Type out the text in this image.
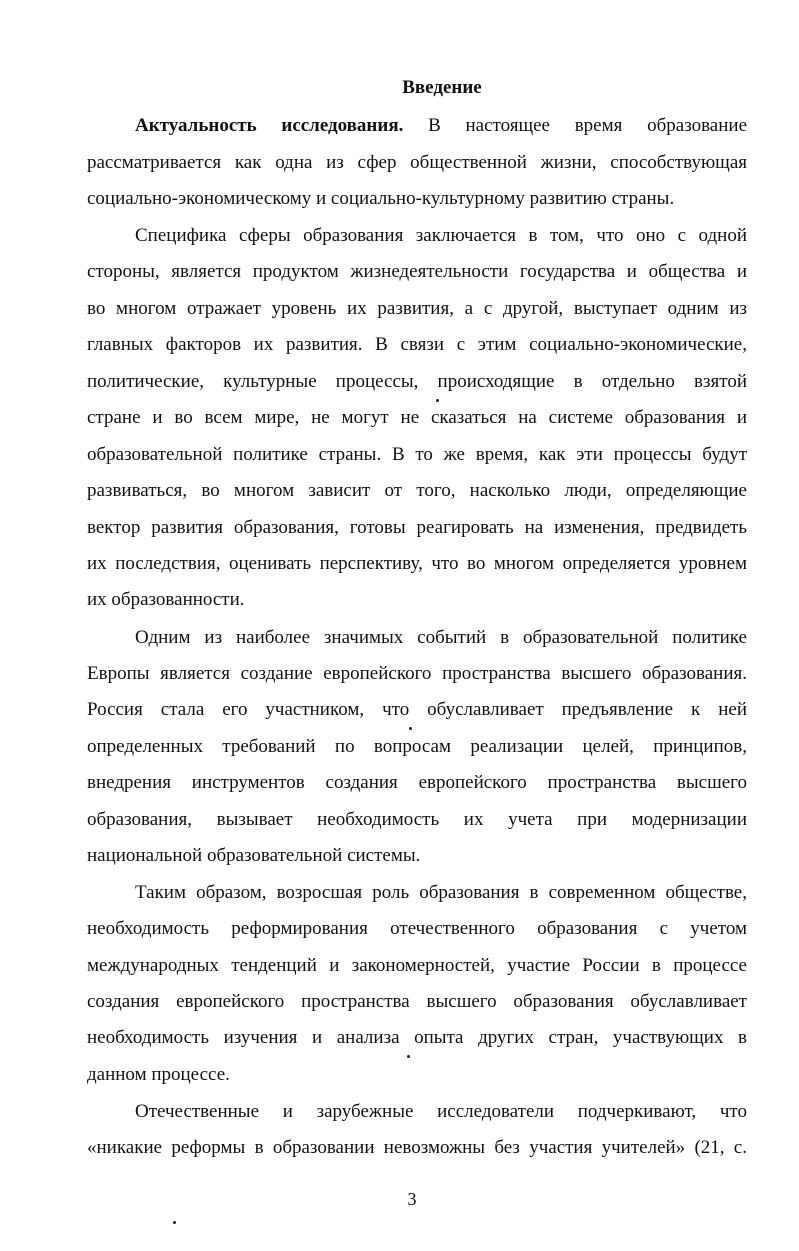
Введение
Актуальность исследования. В настоящее время образование
рассматривается как одна из сфер общественной жизни, способствующая
социально-экономическому и социально-культурному развитию страны.
Специфика сферы образования заключается в том, что оно с одной
стороны, является продуктом жизнедеятельности государства и общества и
во многом отражает уровень их развития, а с другой, выступает одним из
главных факторов их развития. В связи с этим социально-экономические,
политические, культурные процессы, происходящие в отдельно взятой
стране и во всем мире, не могут не сказаться на системе образования и
образовательной политике страны. В то же время, как эти процессы будут
развиваться, во многом зависит от того, насколько люди, определяющие
вектор развития образования, готовы реагировать на изменения, предвидеть
их последствия, оценивать перспективу, что во многом определяется уровнем
их образованности.
Одним из наиболее значимых событий в образовательной политике
Европы является создание европейского пространства высшего образования.
Россия стала его участником, что обуславливает предъявление к ней
определенных требований по вопросам реализации целей, принципов,
внедрения инструментов создания европейского пространства высшего
образования, вызывает необходимость их учета при модернизации
национальной образовательной системы.
Таким образом, возросшая роль образования в современном обществе,
необходимость реформирования отечественного образования с учетом
международных тенденций и закономерностей, участие России в процессе
создания европейского пространства высшего образования обуславливает
необходимость изучения и анализа опыта других стран, участвующих в
данном процессе.
Отечественные и зарубежные исследователи подчеркивают, что
«никакие реформы в образовании невозможны без участия учителей» (21, с.
3
